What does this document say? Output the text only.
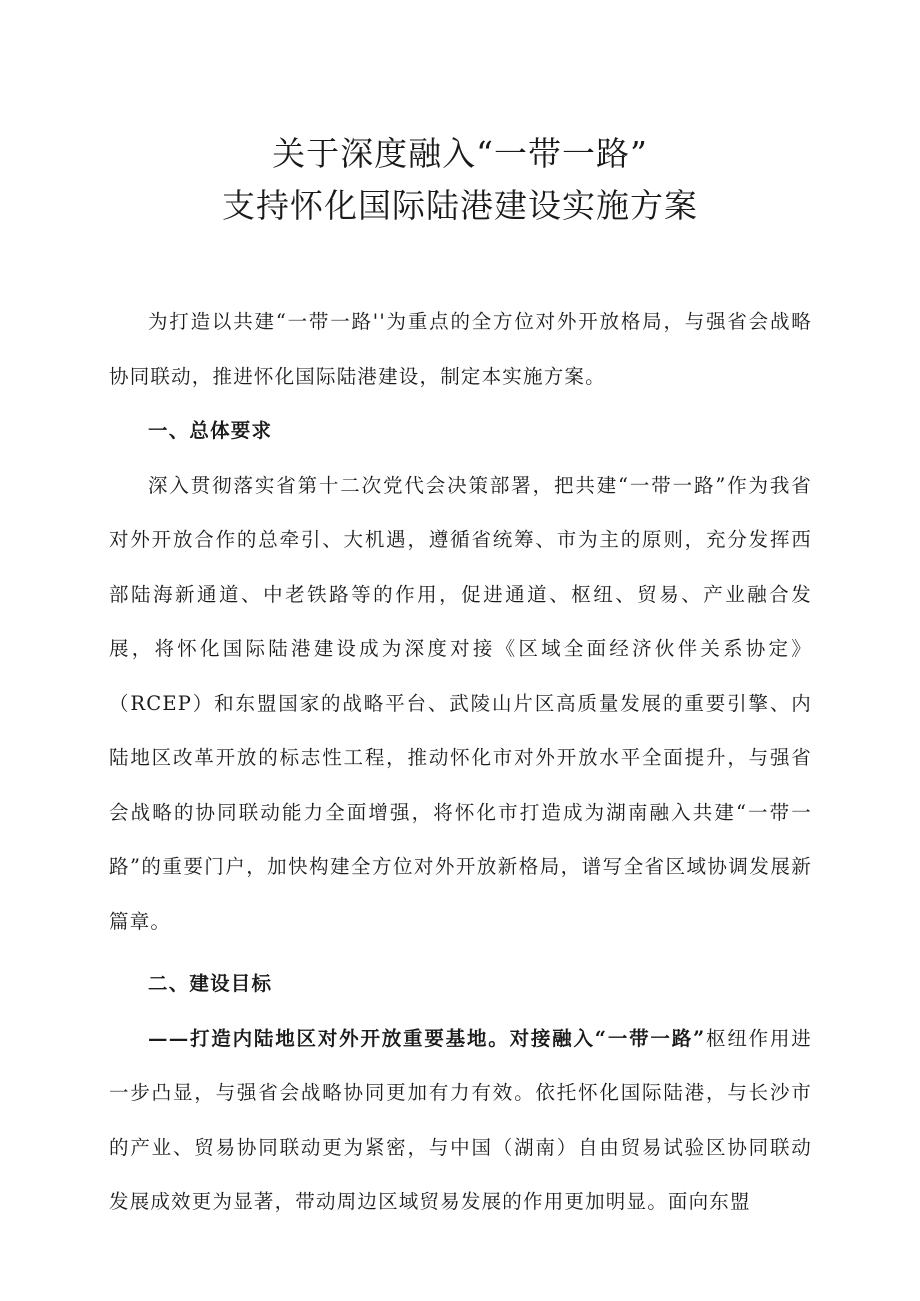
关于深度融入“一带一路”
支持怀化国际陆港建设实施方案

为打造以共建“一带一路''为重点的全方位对外开放格局，与强省会战略协同联动，推进怀化国际陆港建设，制定本实施方案。

一、总体要求

深入贯彻落实省第十二次党代会决策部署，把共建“一带一路”作为我省对外开放合作的总牵引、大机遇，遵循省统筹、市为主的原则，充分发挥西部陆海新通道、中老铁路等的作用，促进通道、枢纽、贸易、产业融合发展，将怀化国际陆港建设成为深度对接《区域全面经济伙伴关系协定》（RCEP）和东盟国家的战略平台、武陵山片区高质量发展的重要引擎、内陆地区改革开放的标志性工程，推动怀化市对外开放水平全面提升，与强省会战略的协同联动能力全面增强，将怀化市打造成为湖南融入共建“一带一路”的重要门户，加快构建全方位对外开放新格局，谱写全省区域协调发展新篇章。

二、建设目标

——打造内陆地区对外开放重要基地。对接融入“一带一路”枢纽作用进一步凸显，与强省会战略协同更加有力有效。依托怀化国际陆港，与长沙市的产业、贸易协同联动更为紧密，与中国（湖南）自由贸易试验区协同联动发展成效更为显著，带动周边区域贸易发展的作用更加明显。面向东盟
